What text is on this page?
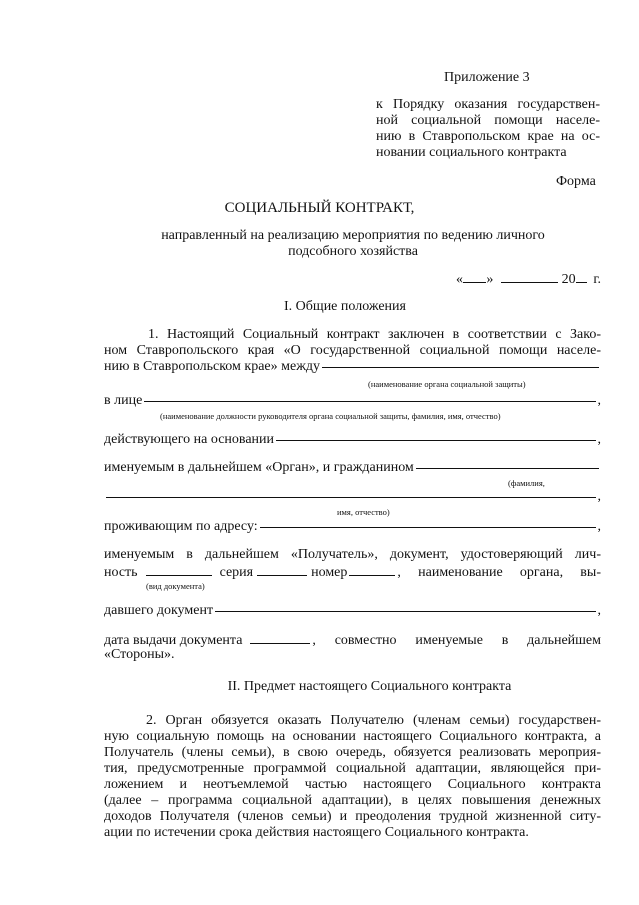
Приложение 3
к Порядку оказания государствен-
ной социальной помощи населе-
нию в Ставропольском крае на ос-
новании социального контракта
Форма
СОЦИАЛЬНЫЙ КОНТРАКТ,
направленный на реализацию мероприятия по ведению личного
подсобного хозяйства
« »	20 г.
I. Общие положения
1. Настоящий Социальный контракт заключен в соответствии с Зако-
ном Ставропольского края «О государственной социальной помощи населе-
нию в Ставропольском крае» между
(наименование органа социальной защиты)
в лице	,
(наименование должности руководителя органа социальной защиты, фамилия, имя, отчество)
действующего на основании	,
именуемым в дальнейшем «Орган», и гражданином
(фамилия,
,
имя, отчество)
проживающим по адресу:	,
именуемым в дальнейшем «Получатель», документ, удостоверяющий лич-
ность	серия	номер	, наименование органа, вы-
(вид документа)
давшего документ	,
дата выдачи документа	, совместно именуемые в дальнейшем
«Стороны».
II. Предмет настоящего Социального контракта
2. Орган обязуется оказать Получателю (членам семьи) государствен-
ную социальную помощь на основании настоящего Социального контракта, а
Получатель (члены семьи), в свою очередь, обязуется реализовать мероприя-
тия, предусмотренные программой социальной адаптации, являющейся при-
ложением и неотъемлемой частью настоящего Социального контракта
(далее – программа социальной адаптации), в целях повышения денежных
доходов Получателя (членов семьи) и преодоления трудной жизненной ситу-
ации по истечении срока действия настоящего Социального контракта.
